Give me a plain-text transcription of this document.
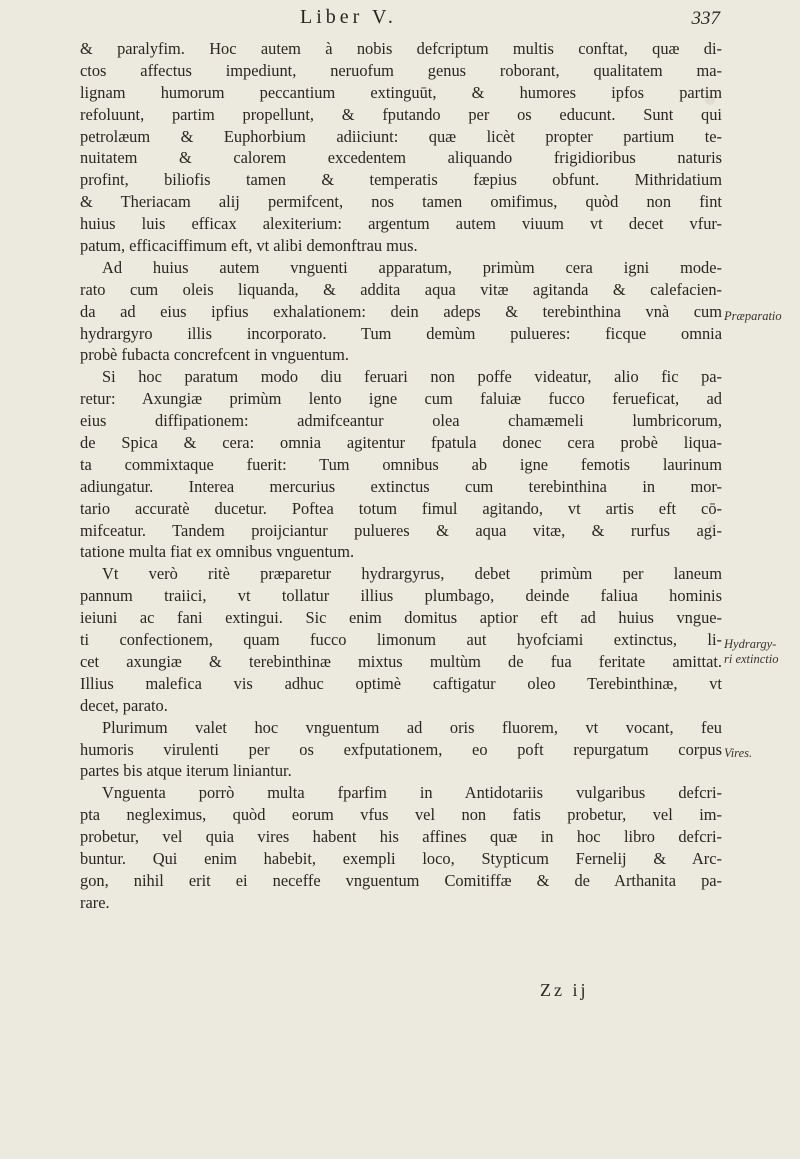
Liber V.	337
& paralyfim. Hoc autem à nobis defcriptum multis conftat, quæ di-
ctos affectus impediunt, neruofum genus roborant, qualitatem ma-
lignam humorum peccantium extinguūt, & humores ipfos partim
refoluunt, partim propellunt, & fputando per os educunt. Sunt qui
petrolæum & Euphorbium adiiciunt: quæ licèt propter partium te-
nuitatem & calorem excedentem aliquando frigidioribus naturis
profint, biliofis tamen & temperatis fæpius obfunt. Mithridatium
& Theriacam alij permifcent, nos tamen omifimus, quòd non fint
huius luis efficax alexiterium: argentum autem viuum vt decet vfur-
patum, efficaciffimum eft, vt alibi demonftrau mus.
Ad huius autem vnguenti apparatum, primùm cera igni mode-
rato cum oleis liquanda, & addita aqua vitæ agitanda & calefacien-
da ad eius ipfius exhalationem: dein adeps & terebinthina vnà cum
hydrargyro illis incorporato. Tum demùm pulueres: ficque omnia
probè fubacta concrefcent in vnguentum.
Si hoc paratum modo diu feruari non poffe videatur, alio fic pa-
retur: Axungiæ primùm lento igne cum faluiæ fucco ferueficat, ad
eius diffipationem: admifceantur olea chamæmeli lumbricorum,
de Spica & cera: omnia agitentur fpatula donec cera probè liqua-
ta commixtaque fuerit: Tum omnibus ab igne femotis laurinum
adiungatur. Interea mercurius extinctus cum terebinthina in mor-
tario accuratè ducetur. Poftea totum fimul agitando, vt artis eft cō-
mifceatur. Tandem proijciantur pulueres & aqua vitæ, & rurfus agi-
tatione multa fiat ex omnibus vnguentum.
Vt verò ritè præparetur hydrargyrus, debet primùm per laneum
pannum traiici, vt tollatur illius plumbago, deinde faliua hominis
ieiuni ac fani extingui. Sic enim domitus aptior eft ad huius vngue-
ti confectionem, quam fucco limonum aut hyofciami extinctus, li-
cet axungiæ & terebinthinæ mixtus multùm de fua feritate amittat.
Illius malefica vis adhuc optimè caftigatur oleo Terebinthinæ, vt
decet, parato.
Plurimum valet hoc vnguentum ad oris fluorem, vt vocant, feu
humoris virulenti per os exfputationem, eo poft repurgatum corpus
partes bis atque iterum liniantur.
Vnguenta porrò multa fparfim in Antidotariis vulgaribus defcri-
pta negleximus, quòd eorum vfus vel non fatis probetur, vel im-
probetur, vel quia vires habent his affines quæ in hoc libro defcri-
buntur. Qui enim habebit, exempli loco, Stypticum Fernelij & Arc-
gon, nihil erit ei neceffe vnguentum Comitiffæ & de Arthanita pa-
rare.
Præparatio
Hydrargy-
ri extinctio
Vires.
Zz ij
